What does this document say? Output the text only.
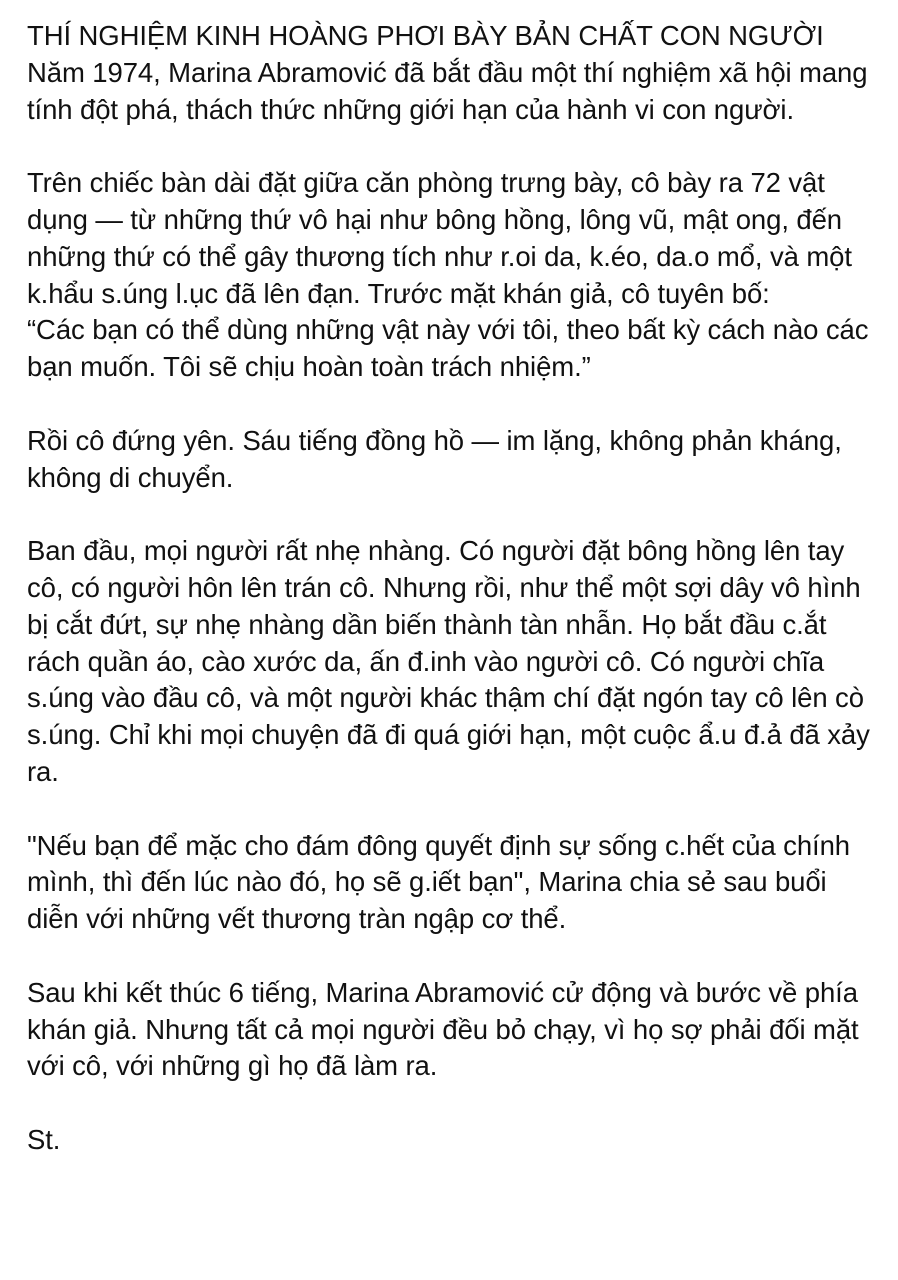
THÍ NGHIỆM KINH HOÀNG PHƠI BÀY BẢN CHẤT CON NGƯỜI

Năm 1974, Marina Abramović đã bắt đầu một thí nghiệm xã hội mang tính đột phá, thách thức những giới hạn của hành vi con người.

Trên chiếc bàn dài đặt giữa căn phòng trưng bày, cô bày ra 72 vật dụng — từ những thứ vô hại như bông hồng, lông vũ, mật ong, đến những thứ có thể gây thương tích như r.oi da, k.éo, da.o mổ, và một k.hẩu s.úng l.ục đã lên đạn. Trước mặt khán giả, cô tuyên bố:

“Các bạn có thể dùng những vật này với tôi, theo bất kỳ cách nào các bạn muốn. Tôi sẽ chịu hoàn toàn trách nhiệm.”

Rồi cô đứng yên. Sáu tiếng đồng hồ — im lặng, không phản kháng, không di chuyển.

Ban đầu, mọi người rất nhẹ nhàng. Có người đặt bông hồng lên tay cô, có người hôn lên trán cô. Nhưng rồi, như thể một sợi dây vô hình bị cắt đứt, sự nhẹ nhàng dần biến thành tàn nhẫn. Họ bắt đầu c.ắt rách quần áo, cào xước da, ấn đ.inh vào người cô. Có người chĩa s.úng vào đầu cô, và một người khác thậm chí đặt ngón tay cô lên cò s.úng. Chỉ khi mọi chuyện đã đi quá giới hạn, một cuộc ẩ.u đ.ả đã xảy ra.

"Nếu bạn để mặc cho đám đông quyết định sự sống c.hết của chính mình, thì đến lúc nào đó, họ sẽ g.iết bạn", Marina chia sẻ sau buổi diễn với những vết thương tràn ngập cơ thể.

Sau khi kết thúc 6 tiếng, Marina Abramović cử động và bước về phía khán giả. Nhưng tất cả mọi người đều bỏ chạy, vì họ sợ phải đối mặt với cô, với những gì họ đã làm ra.

St.
